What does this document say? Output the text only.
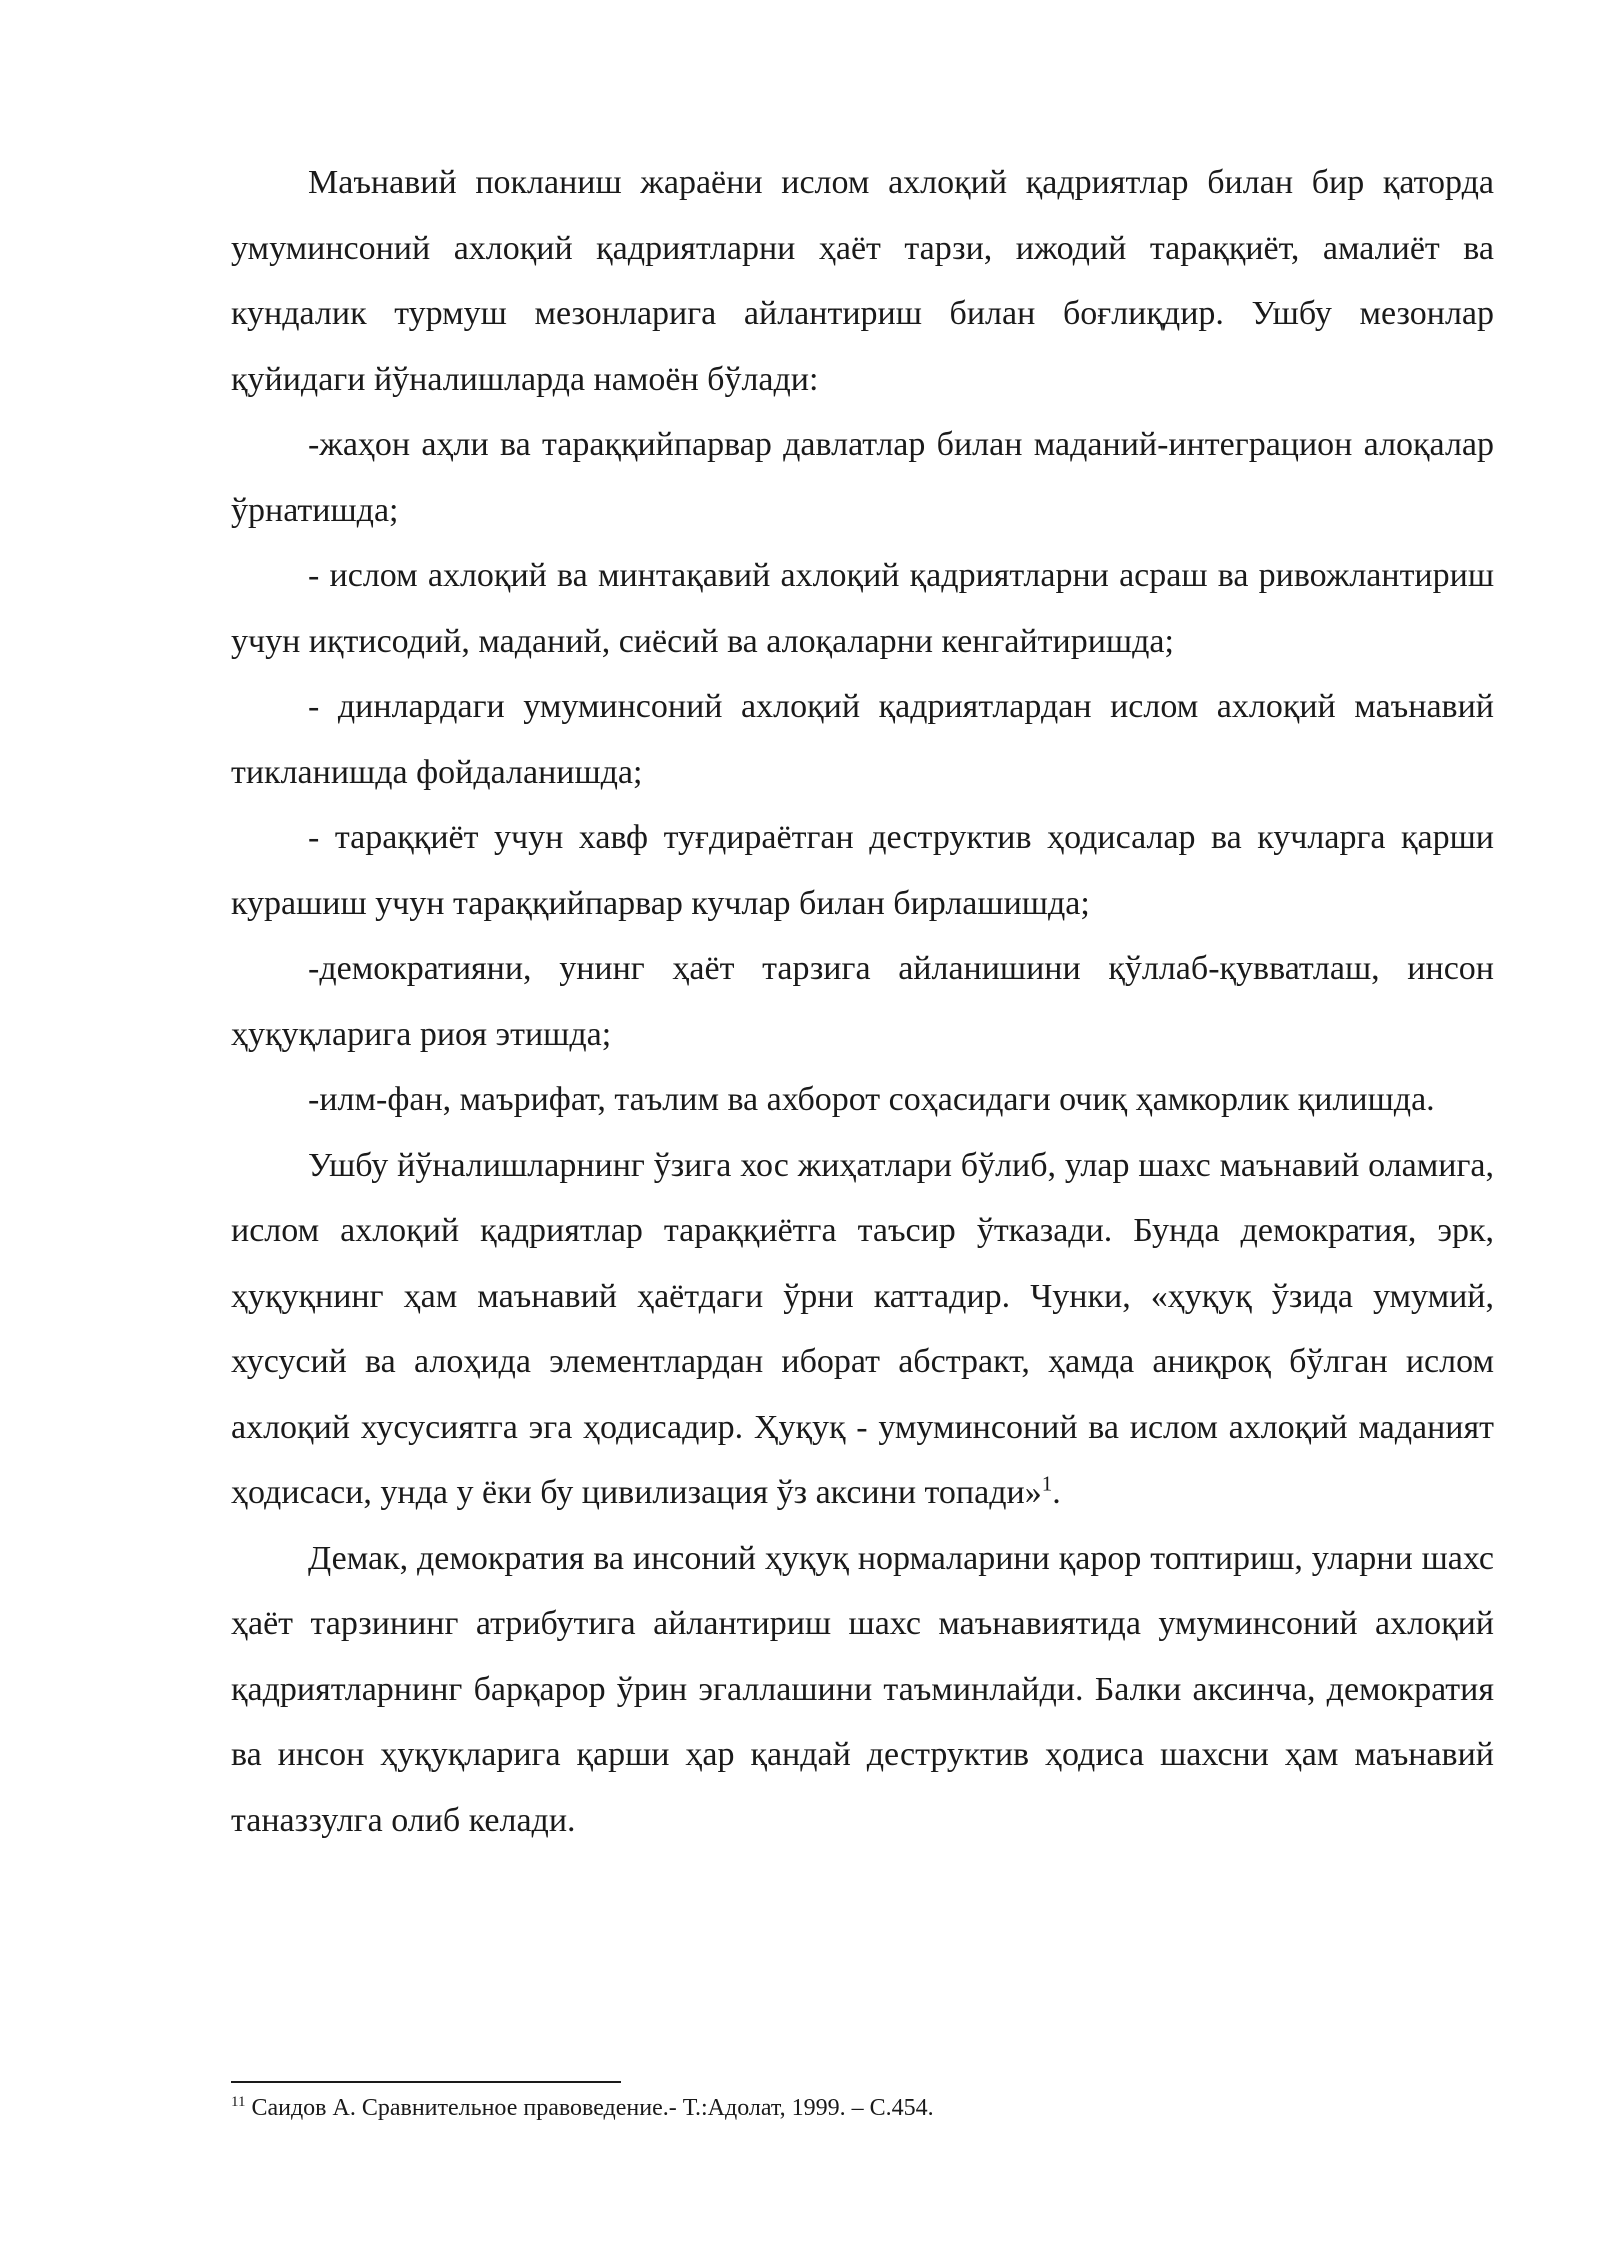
Маънавий покланиш жараёни ислом ахлоқий қадриятлар билан бир қаторда умуминсоний ахлоқий қадриятларни ҳаёт тарзи, ижодий тараққиёт, амалиёт ва кундалик турмуш мезонларига айлантириш билан боғлиқдир. Ушбу мезонлар қуйидаги йўналишларда намоён бўлади:

-жаҳон аҳли ва тараққийпарвар давлатлар билан маданий-интеграцион алоқалар ўрнатишда;

- ислом ахлоқий ва минтақавий ахлоқий қадриятларни асраш ва ривожлантириш учун иқтисодий, маданий, сиёсий ва алоқаларни кенгайтиришда;

- динлардаги умуминсоний ахлоқий қадриятлардан ислом ахлоқий маънавий тикланишда фойдаланишда;

- тараққиёт учун хавф туғдираётган деструктив ҳодисалар ва кучларга қарши курашиш учун тараққийпарвар кучлар билан бирлашишда;

-демократияни, унинг ҳаёт тарзига айланишини қўллаб-қувватлаш, инсон ҳуқуқларига риоя этишда;

-илм-фан, маърифат, таълим ва ахборот соҳасидаги очиқ ҳамкорлик қилишда.

Ушбу йўналишларнинг ўзига хос жиҳатлари бўлиб, улар шахс маънавий оламига, ислом ахлоқий қадриятлар тараққиётга таъсир ўтказади. Бунда демократия, эрк, ҳуқуқнинг ҳам маънавий ҳаётдаги ўрни каттадир. Чунки, «ҳуқуқ ўзида умумий, хусусий ва алоҳида элементлардан иборат абстракт, ҳамда аниқроқ бўлган ислом ахлоқий хусусиятга эга ҳодисадир. Ҳуқуқ - умуминсоний ва ислом ахлоқий маданият ҳодисаси, унда у ёки бу цивилизация ўз аксини топади»$^1$.

Демак, демократия ва инсоний ҳуқуқ нормаларини қарор топтириш, уларни шахс ҳаёт тарзининг атрибутига айлантириш шахс маънавиятида умуминсоний ахлоқий қадриятларнинг барқарор ўрин эгаллашини таъминлайди. Балки аксинча, демократия ва инсон ҳуқуқларига қарши ҳар қандай деструктив ҳодиса шахсни ҳам маънавий таназзулга олиб келади.

$^{11}$ Саидов А. Сравнительное правоведение.- Т.:Адолат, 1999. – С.454.
